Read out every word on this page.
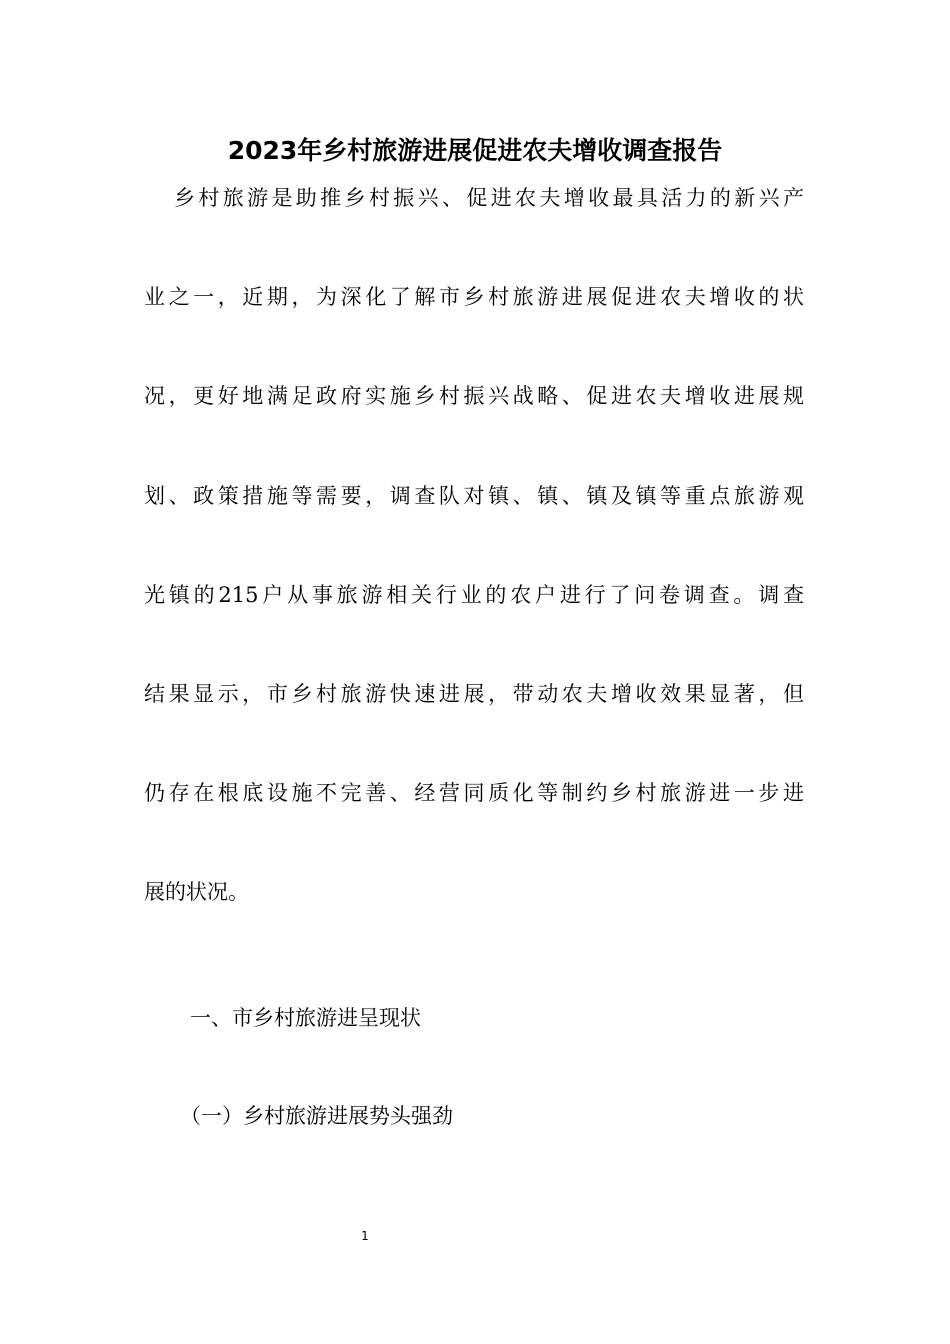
2023年乡村旅游进展促进农夫增收调查报告

乡村旅游是助推乡村振兴、促进农夫增收最具活力的新兴产

业之一，近期，为深化了解市乡村旅游进展促进农夫增收的状

况，更好地满足政府实施乡村振兴战略、促进农夫增收进展规

划、政策措施等需要，调查队对镇、镇、镇及镇等重点旅游观

光镇的215户从事旅游相关行业的农户进行了问卷调查。调查

结果显示，市乡村旅游快速进展，带动农夫增收效果显著，但

仍存在根底设施不完善、经营同质化等制约乡村旅游进一步进

展的状况。

一、市乡村旅游进呈现状

（一）乡村旅游进展势头强劲

1
